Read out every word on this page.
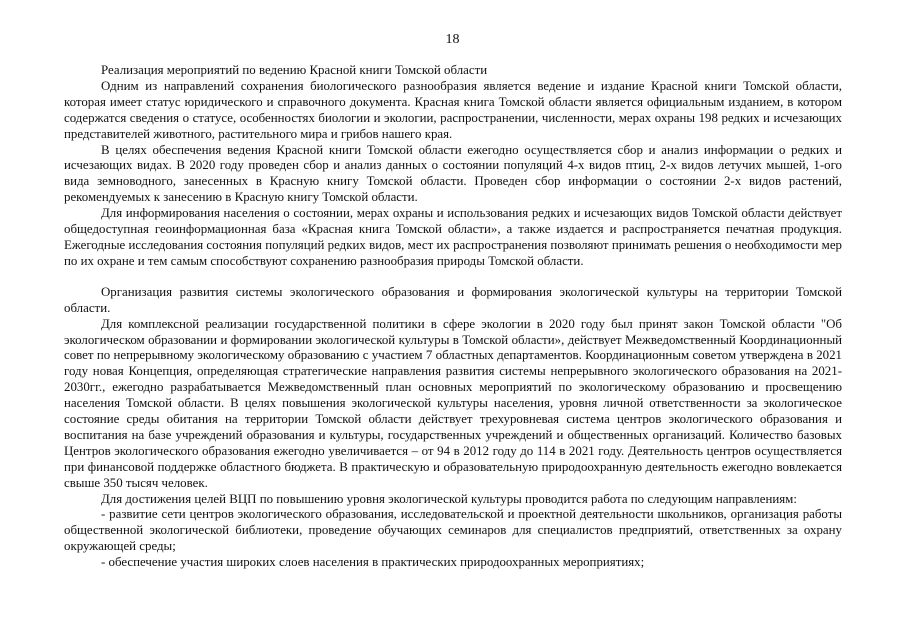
18

Реализация мероприятий по ведению Красной книги Томской области

Одним из направлений сохранения биологического разнообразия является ведение и издание Красной книги Томской области, которая имеет статус юридического и справочного документа. Красная книга Томской области является официальным изданием, в котором содержатся сведения о статусе, особенностях биологии и экологии, распространении, численности, мерах охраны 198 редких и исчезающих представителей животного, растительного мира и грибов нашего края.

В целях обеспечения ведения Красной книги Томской области ежегодно осуществляется сбор и анализ информации о редких и исчезающих видах. В 2020 году проведен сбор и анализ данных о состоянии популяций 4-х видов птиц, 2-х видов летучих мышей, 1-ого вида земноводного, занесенных в Красную книгу Томской области. Проведен сбор информации о состоянии 2-х видов растений, рекомендуемых к занесению в Красную книгу Томской области.

Для информирования населения о состоянии, мерах охраны и использования редких и исчезающих видов Томской области действует общедоступная геоинформационная база «Красная книга Томской области», а также издается и распространяется печатная продукция. Ежегодные исследования состояния популяций редких видов, мест их распространения позволяют принимать решения о необходимости мер по их охране и тем самым способствуют сохранению разнообразия природы Томской области.

Организация развития системы экологического образования и формирования экологической культуры на территории Томской области.

Для комплексной реализации государственной политики в сфере экологии в 2020 году был принят закон Томской области "Об экологическом образовании и формировании экологической культуры в Томской области», действует Межведомственный Координационный совет по непрерывному экологическому образованию с участием 7 областных департаментов. Координационным советом утверждена в 2021 году новая Концепция, определяющая стратегические направления развития системы непрерывного экологического образования на 2021-2030гг., ежегодно разрабатывается Межведомственный план основных мероприятий по экологическому образованию и просвещению населения Томской области. В целях повышения экологической культуры населения, уровня личной ответственности за экологическое состояние среды обитания на территории Томской области действует трехуровневая система центров экологического образования и воспитания на базе учреждений образования и культуры, государственных учреждений и общественных организаций. Количество базовых Центров экологического образования ежегодно увеличивается – от 94 в 2012 году до 114 в 2021 году. Деятельность центров осуществляется при финансовой поддержке областного бюджета. В практическую и образовательную природоохранную деятельность ежегодно вовлекается свыше 350 тысяч человек.

Для достижения целей ВЦП по повышению уровня экологической культуры проводится работа по следующим направлениям:

- развитие сети центров экологического образования, исследовательской и проектной деятельности школьников, организация работы общественной экологической библиотеки, проведение обучающих семинаров для специалистов предприятий, ответственных за охрану окружающей среды;

- обеспечение участия широких слоев населения в практических природоохранных мероприятиях;
